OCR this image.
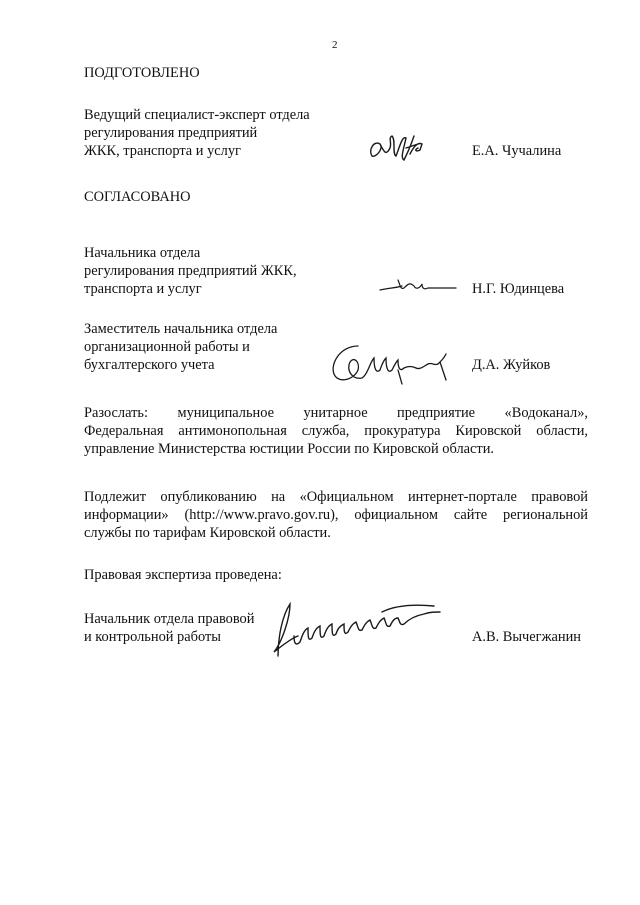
2
ПОДГОТОВЛЕНО
Ведущий специалист-эксперт отдела
регулирования предприятий
ЖКК, транспорта и услуг	Е.А. Чучалина
СОГЛАСОВАНО
Начальника отдела
регулирования предприятий ЖКК,
транспорта и услуг	Н.Г. Юдинцева
Заместитель начальника отдела
организационной работы и
бухгалтерского учета	Д.А. Жуйков
Разослать: муниципальное унитарное предприятие «Водоканал»,
Федеральная антимонопольная служба, прокуратура Кировской области,
управление Министерства юстиции России по Кировской области.
Подлежит опубликованию на «Официальном интернет-портале правовой
информации» (http://www.pravo.gov.ru), официальном сайте региональной
службы по тарифам Кировской области.
Правовая экспертиза проведена:
Начальник отдела правовой
и контрольной работы	А.В. Вычегжанин
